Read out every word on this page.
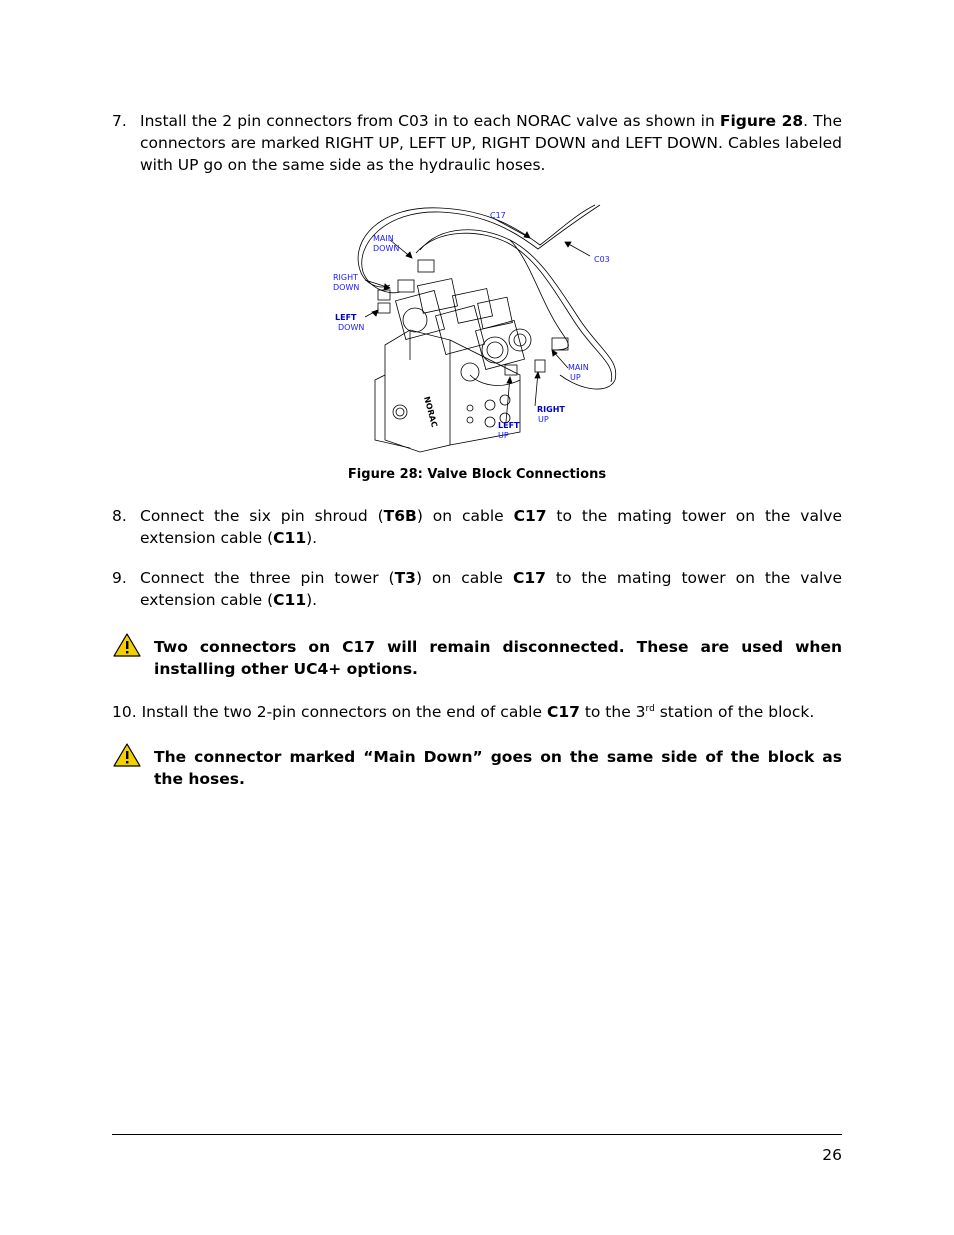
7. Install the 2 pin connectors from C03 in to each NORAC valve as shown in Figure 28. The connectors are marked RIGHT UP, LEFT UP, RIGHT DOWN and LEFT DOWN. Cables labeled with UP go on the same side as the hydraulic hoses.
NORAC
C17
C03
MAIN
DOWN
RIGHT
DOWN
LEFT
DOWN
MAIN
UP
RIGHT
UP
LEFT
UP
Figure 28: Valve Block Connections
8. Connect the six pin shroud (T6B) on cable C17 to the mating tower on the valve extension cable (C11).
9. Connect the three pin tower (T3) on cable C17 to the mating tower on the valve extension cable (C11).
Two connectors on C17 will remain disconnected. These are used when installing other UC4+ options.
10. Install the two 2-pin connectors on the end of cable C17 to the 3rd station of the block.
The connector marked “Main Down” goes on the same side of the block as the hoses.
26
